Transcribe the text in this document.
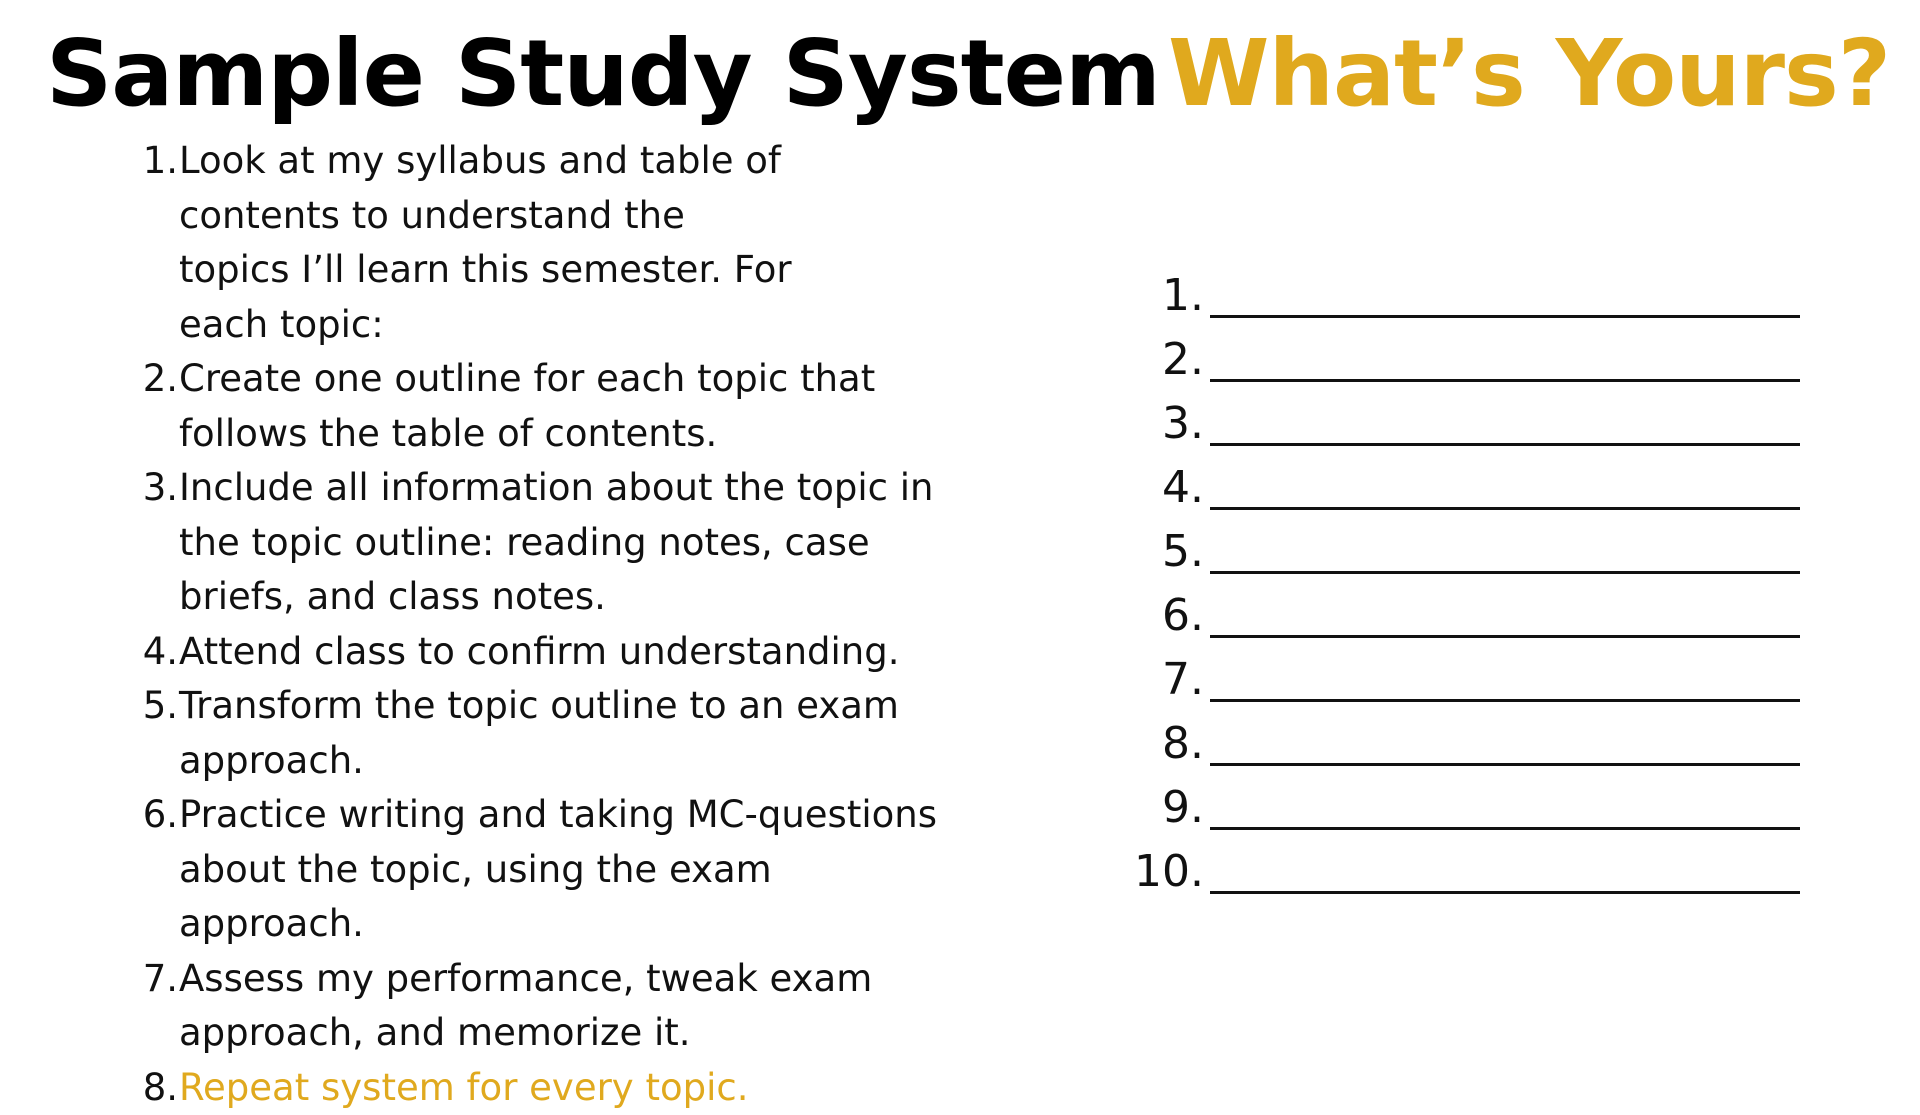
Sample Study System
1. Look at my syllabus and table of contents to understand the topics I’ll learn this semester. For each topic:
2. Create one outline for each topic that follows the table of contents.
3. Include all information about the topic in the topic outline: reading notes, case briefs, and class notes.
4. Attend class to confirm understanding.
5. Transform the topic outline to an exam approach.
6. Practice writing and taking MC-questions about the topic, using the exam approach.
7. Assess my performance, tweak exam approach, and memorize it.
8. Repeat system for every topic.
What’s Yours?
1.
2.
3.
4.
5.
6.
7.
8.
9.
10.
